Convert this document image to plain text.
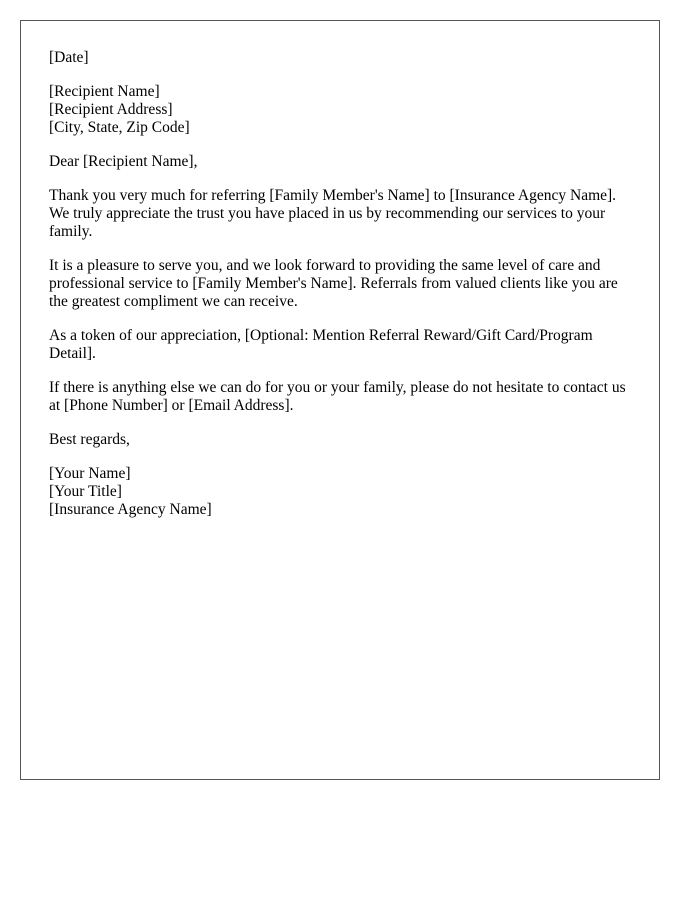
[Date]
[Recipient Name]
[Recipient Address]
[City, State, Zip Code]
Dear [Recipient Name],

Thank you very much for referring [Family Member's Name] to [Insurance Agency Name]. We truly appreciate the trust you have placed in us by recommending our services to your family.

It is a pleasure to serve you, and we look forward to providing the same level of care and professional service to [Family Member's Name]. Referrals from valued clients like you are the greatest compliment we can receive.

As a token of our appreciation, [Optional: Mention Referral Reward/Gift Card/Program Detail].

If there is anything else we can do for you or your family, please do not hesitate to contact us at [Phone Number] or [Email Address].

Best regards,
[Your Name]
[Your Title]
[Insurance Agency Name]
